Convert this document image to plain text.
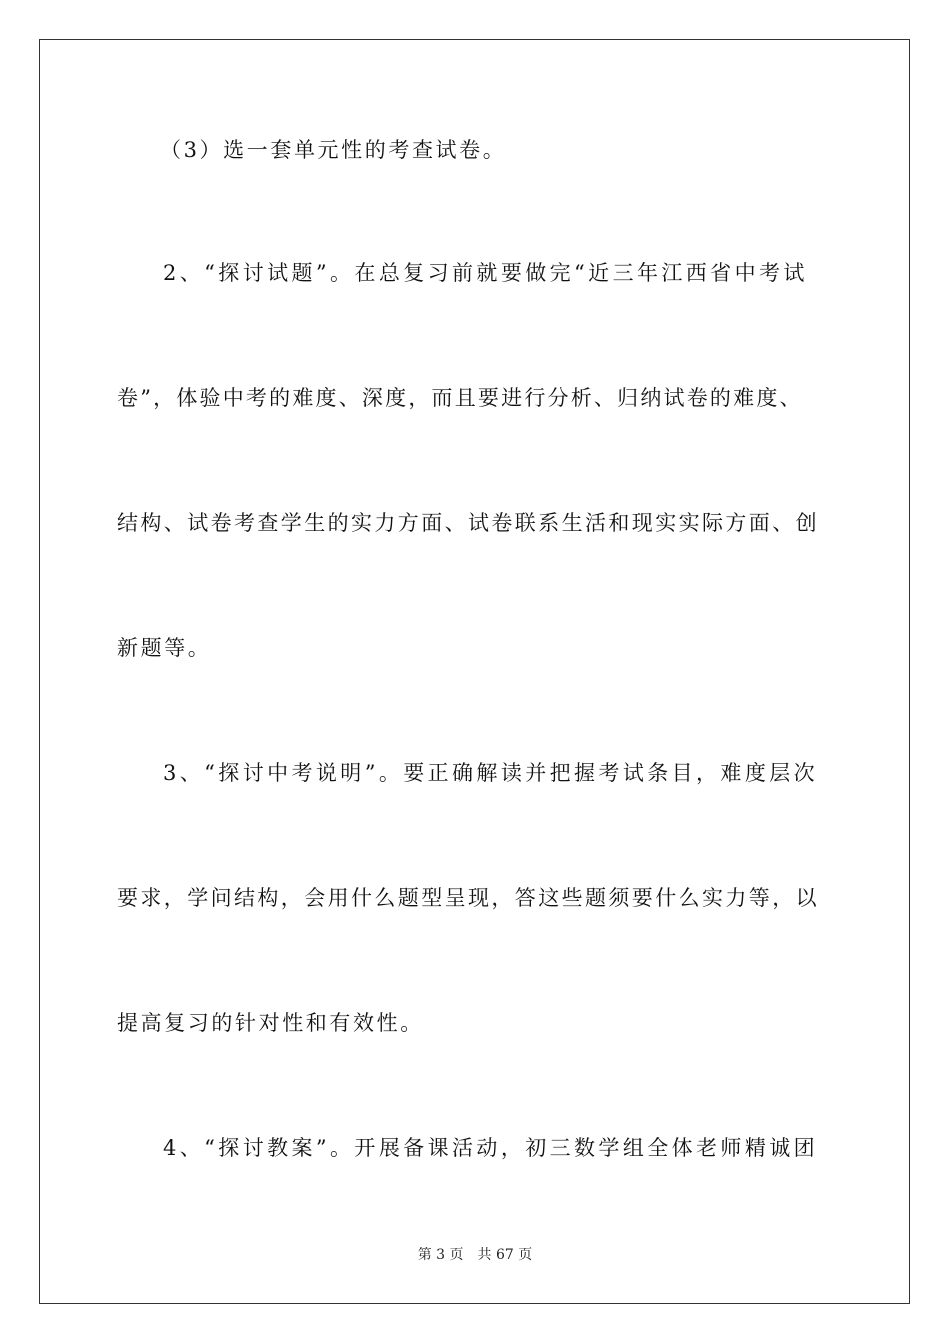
（3）选一套单元性的考查试卷。
2、“探讨试题”。在总复习前就要做完“近三年江西省中考试
卷”，体验中考的难度、深度，而且要进行分析、归纳试卷的难度、
结构、试卷考查学生的实力方面、试卷联系生活和现实实际方面、创
新题等。
3、“探讨中考说明”。要正确解读并把握考试条目，难度层次
要求，学问结构，会用什么题型呈现，答这些题须要什么实力等，以
提高复习的针对性和有效性。
4、“探讨教案”。开展备课活动，初三数学组全体老师精诚团
第 3 页　共 67 页
